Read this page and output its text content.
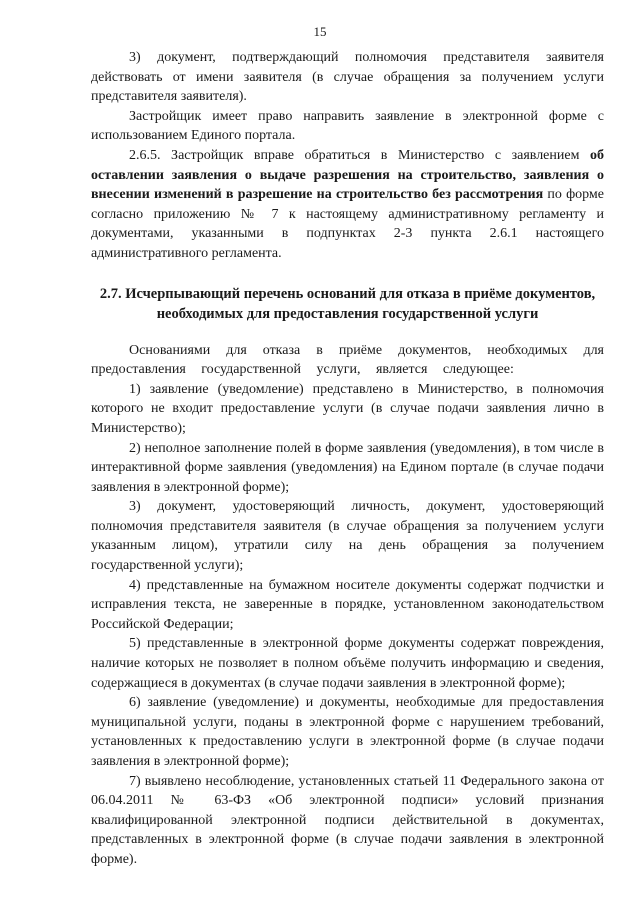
15

3) документ, подтверждающий полномочия представителя заявителя действовать от имени заявителя (в случае обращения за получением услуги представителя заявителя).

Застройщик имеет право направить заявление в электронной форме с использованием Единого портала.

2.6.5. Застройщик вправе обратиться в Министерство с заявлением об оставлении заявления о выдаче разрешения на строительство, заявления о внесении изменений в разрешение на строительство без рассмотрения по форме согласно приложению № 7 к настоящему административному регламенту и документами, указанными в подпунктах 2-3 пункта 2.6.1 настоящего административного регламента.

2.7. Исчерпывающий перечень оснований для отказа в приёме документов, необходимых для предоставления государственной услуги

Основаниями для отказа в приёме документов, необходимых для предоставления государственной услуги, является следующее:

1) заявление (уведомление) представлено в Министерство, в полномочия которого не входит предоставление услуги (в случае подачи заявления лично в Министерство);

2) неполное заполнение полей в форме заявления (уведомления), в том числе в интерактивной форме заявления (уведомления) на Едином портале (в случае подачи заявления в электронной форме);

3) документ, удостоверяющий личность, документ, удостоверяющий полномочия представителя заявителя (в случае обращения за получением услуги указанным лицом), утратили силу на день обращения за получением государственной услуги);

4) представленные на бумажном носителе документы содержат подчистки и исправления текста, не заверенные в порядке, установленном законодательством Российской Федерации;

5) представленные в электронной форме документы содержат повреждения, наличие которых не позволяет в полном объёме получить информацию и сведения, содержащиеся в документах (в случае подачи заявления в электронной форме);

6) заявление (уведомление) и документы, необходимые для предоставления муниципальной услуги, поданы в электронной форме с нарушением требований, установленных к предоставлению услуги в электронной форме (в случае подачи заявления в электронной форме);

7) выявлено несоблюдение, установленных статьей 11 Федерального закона от 06.04.2011 № 63-ФЗ «Об электронной подписи» условий признания квалифицированной электронной подписи действительной в документах, представленных в электронной форме (в случае подачи заявления в электронной форме).
